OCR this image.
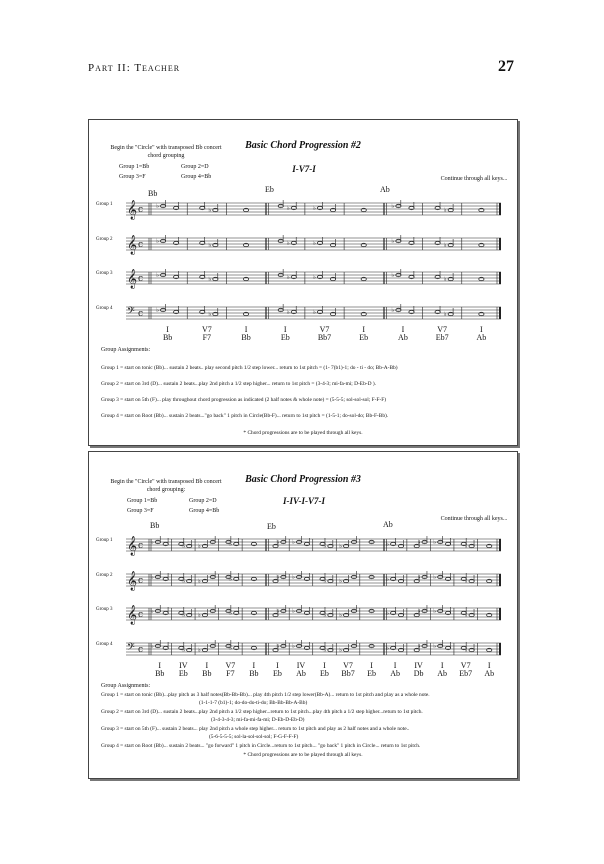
Part II: Teacher	27
Begin the "Circle" with transposed Bb concert
chord grouping
Group 1=Bb	Group 2=D
Group 3=F	Group 4=Bb
Basic Chord Progression #2
I-V7-I
Continue through all keys...
Bb	Eb	Ab
Group 1
Group 2
Group 3
Group 4
𝄞 c ♭
♭	♭	♭	♭
♭
𝄞 c ♭
♭	♭	♭	♭
♭
𝄞 c ♭
♭	♭	♭	♭
♭
𝄢 c ♭
♭	♭	♭	♭
♭
I
Bb
V7
F7
I
Bb
I
Eb
V7
Bb7
I
Eb
I
Ab
V7
Eb7
I
Ab
Group Assignments:
Group 1 = start on tonic (Bb)... sustain 2 beats.. play second pitch 1/2 step lower... return to 1st pitch = (1- 7(b1)-1; do - ti - do; Bb-A-Bb)
Group 2 = start on 3rd (D)... sustain 2 beats...play 2nd pitch a 1/2 step higher... return to 1st pitch = (3-4-3; mi-fa-mi; D-Eb-D ).
Group 3 = start on 5th (F)... play throughout chord progression as indicated (2 half notes & whole note) = (5-5-5; sol-sol-sol; F-F-F)
Group 4 = start on Root (Bb)... sustain 2 beats..."go back" 1 pitch in Circle(Bb-F)... return to 1st pitch = (1-5-1; do-sol-do; Bb-F-Bb).
* Chord progressions are to be played through all keys.
Begin the "Circle" with transposed Bb concert
chord grouping:
Group 1=Bb	Group 2=D
Group 3=F	Group 4=Bb
Basic Chord Progression #3
I-IV-I-V7-I
Continue through all keys...
Bb	Eb	Ab
Group 1
Group 2
Group 3
Group 4
𝄞 c ♭
♭ ♭	♭	♭ ♭
♭ ♭	♭	♭ ♭
♭
𝄞 c ♭
♭ ♭	♭	♭ ♭
♭ ♭	♭	♭ ♭
♭
𝄞 c ♭
♭ ♭	♭	♭ ♭
♭ ♭	♭	♭ ♭
♭
𝄢 c ♭
♭ ♭	♭	♭ ♭
♭ ♭	♭	♭ ♭
♭
I
Bb
IV
Eb
I
Bb
V7
F7
I
Bb
I
Eb
IV
Ab
I
Eb
V7
Bb7
I
Eb
I
Ab
IV
Db
I
Ab
V7
Eb7
I
Ab
Group Assignments:
Group 1 = start on tonic (Bb)...play pitch as 3 half notes(Bb-Bb-Bb)... play 4th pitch 1/2 step lower(Bb-A)... return to 1st pitch and play as a whole note.
(1-1-1-7 (b1)-1; do-do-do-ti-do; Bb-Bb-Bb-A-Bb)
Group 2 = start on 3rd (D)... sustain 2 beats...play 2nd pitch a 1/2 step higher...return to 1st pitch...play 4th pitch a 1/2 step higher...return to 1st pitch.
(3-4-3-4-3; mi-fa-mi-fa-mi; D-Eb-D-Eb-D)
Group 3 = start on 5th (F)... sustain 2 beats... play 2nd pitch a whole step higher... return to 1st pitch and play as 2 half notes and a whole note..
(5-6-5-5-5; sol-la-sol-sol-sol; F-G-F-F-F)
Group 4 = start on Root (Bb)... sustain 2 beats... "go forward" 1 pitch in Circle...return to 1st pitch... "go back" 1 pitch in Circle... return to 1st pitch.
* Chord progressions are to be played through all keys.
